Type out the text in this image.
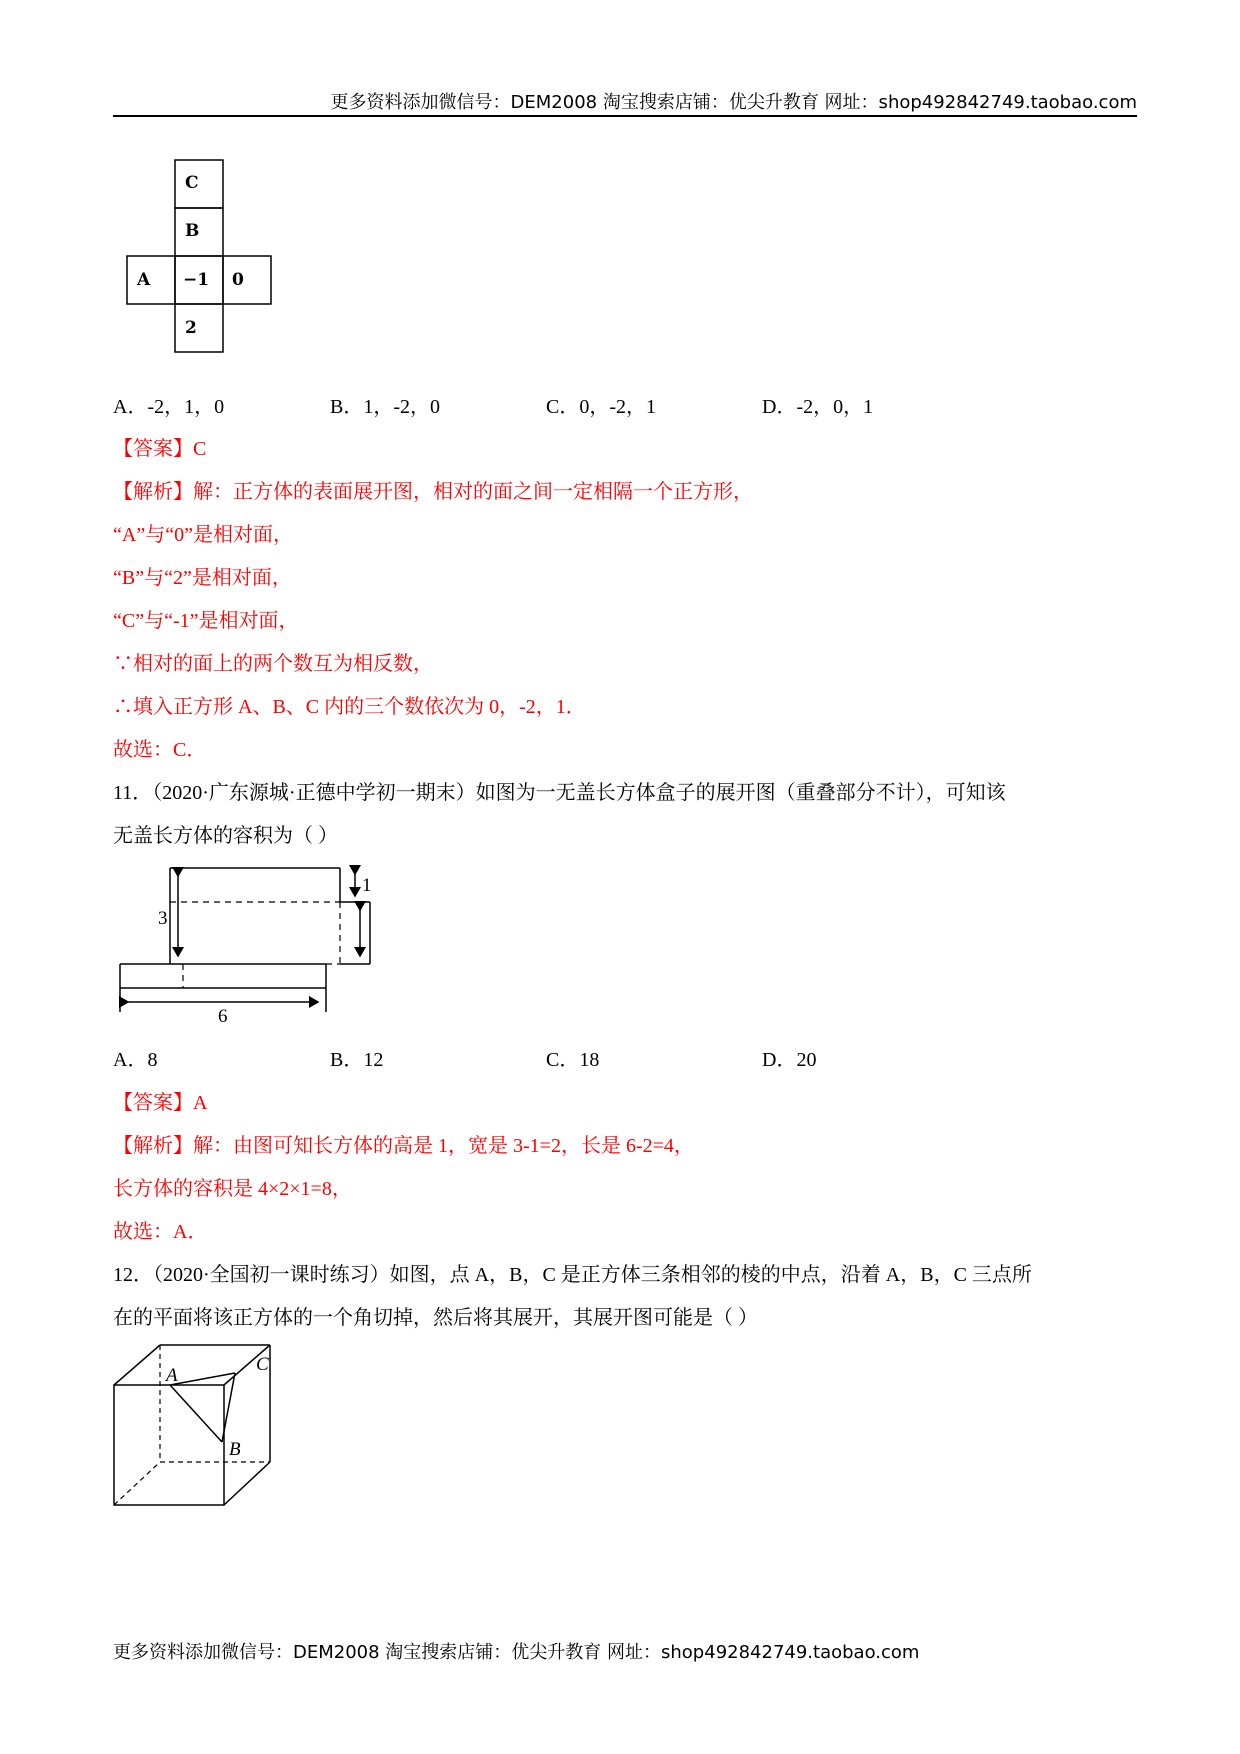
更多资料添加微信号：DEM2008 淘宝搜索店铺：优尖升教育 网址：shop492842749.taobao.com
C
B
A −1 0
2
A．-2，1，0	B．1，-2，0	C．0，-2，1	D．-2，0，1
【答案】C
【解析】解：正方体的表面展开图，相对的面之间一定相隔一个正方形，
“A”与“0”是相对面，
“B”与“2”是相对面，
“C”与“-1”是相对面，
∵相对的面上的两个数互为相反数，
∴填入正方形 A、B、C 内的三个数依次为 0，-2，1．
故选：C．
11．（2020·广东源城·正德中学初一期末）如图为一无盖长方体盒子的展开图（重叠部分不计），可知该
无盖长方体的容积为（ ）
3
1
6
A．8	B．12	C．18	D．20
【答案】A
【解析】解：由图可知长方体的高是 1，宽是 3-1=2，长是 6-2=4，
长方体的容积是 4×2×1=8，
故选：A．
12．（2020·全国初一课时练习）如图，点 A，B，C 是正方体三条相邻的棱的中点，沿着 A，B，C 三点所
在的平面将该正方体的一个角切掉，然后将其展开，其展开图可能是（ ）
A
C
B
更多资料添加微信号：DEM2008 淘宝搜索店铺：优尖升教育 网址：shop492842749.taobao.com
